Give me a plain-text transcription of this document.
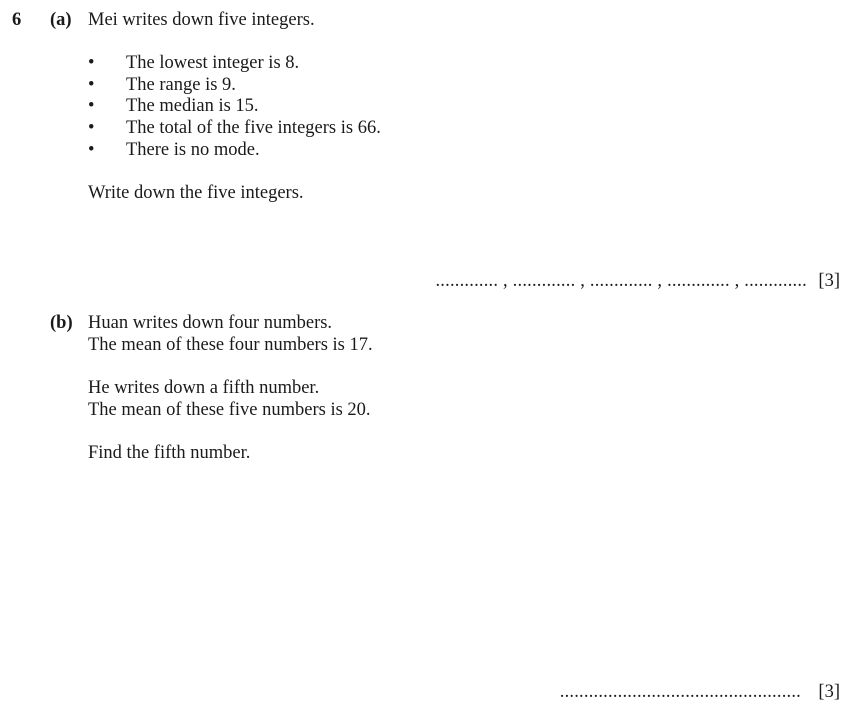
6 (a) Mei writes down five integers.
• The lowest integer is 8.
• The range is 9.
• The median is 15.
• The total of the five integers is 66.
• There is no mode.
Write down the five integers.
............. , ............. , ............. , ............. , ............. [3]
(b) Huan writes down four numbers.
The mean of these four numbers is 17.
He writes down a fifth number.
The mean of these five numbers is 20.
Find the fifth number.
.................................................. [3]
